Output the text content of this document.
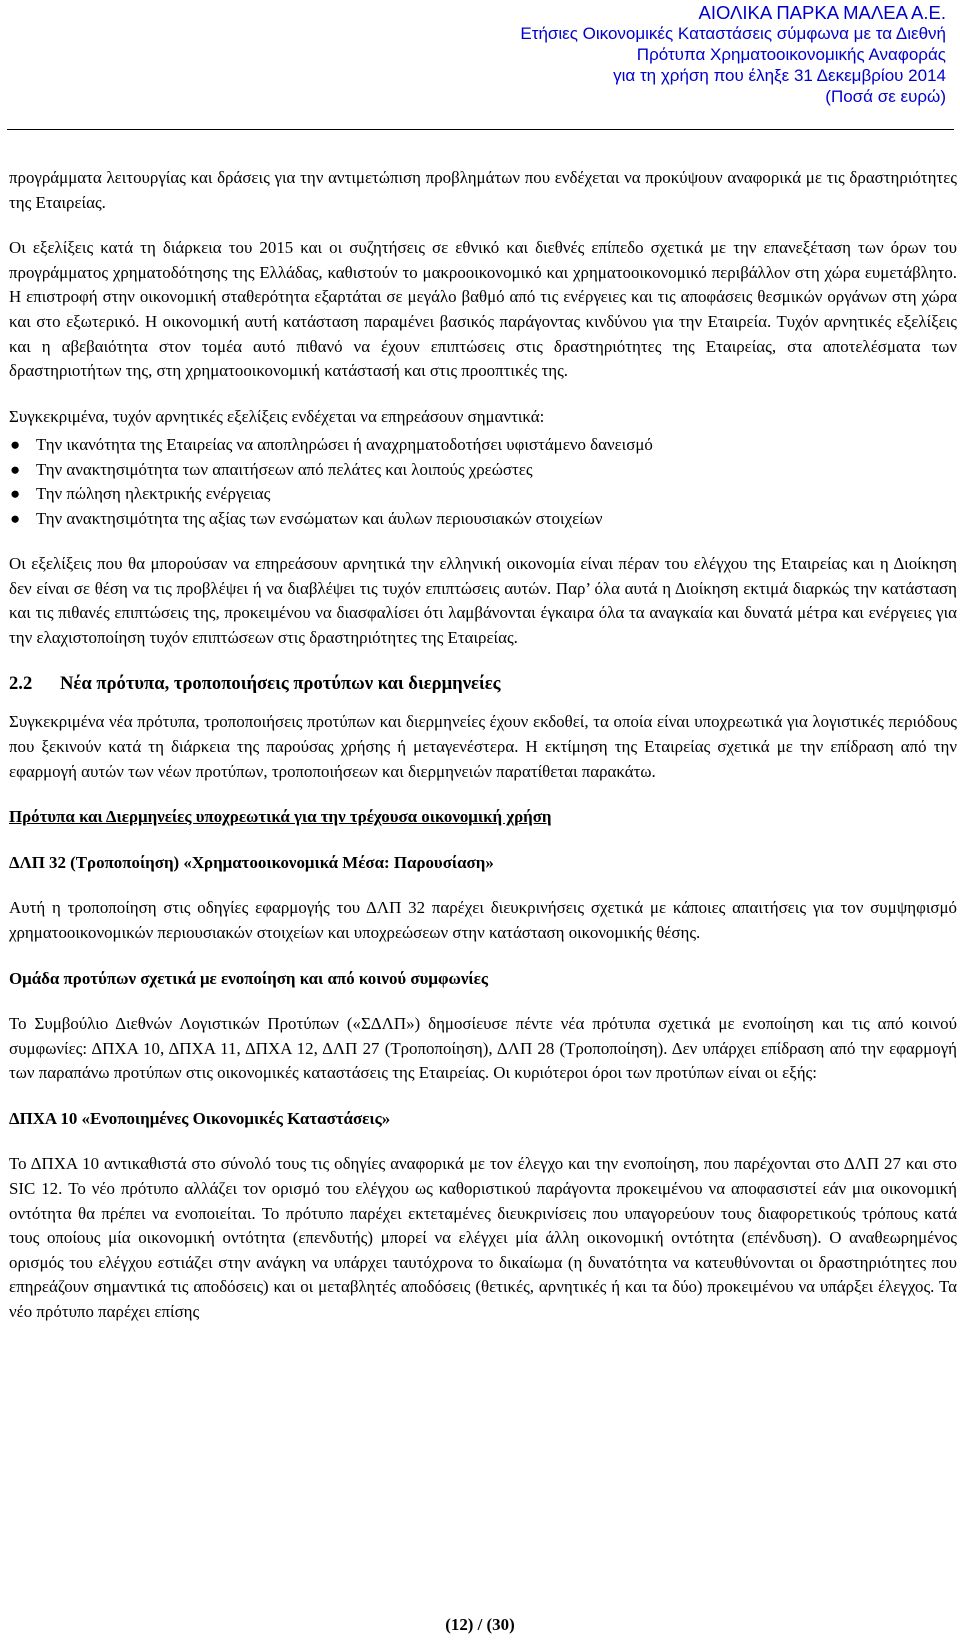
ΑΙΟΛΙΚΑ ΠΑΡΚΑ ΜΑΛΕΑ Α.Ε.
Ετήσιες Οικονομικές Καταστάσεις σύμφωνα με τα Διεθνή
Πρότυπα Χρηματοοικονομικής Αναφοράς
για τη χρήση που έληξε 31 Δεκεμβρίου 2014
(Ποσά σε ευρώ)

προγράμματα λειτουργίας και δράσεις για την αντιμετώπιση προβλημάτων που ενδέχεται να προκύψουν αναφορικά με τις δραστηριότητες της Εταιρείας.

Οι εξελίξεις κατά τη διάρκεια του 2015 και οι συζητήσεις σε εθνικό και διεθνές επίπεδο σχετικά με την επανεξέταση των όρων του προγράμματος χρηματοδότησης της Ελλάδας, καθιστούν το μακροοικονομικό και χρηματοοικονομικό περιβάλλον στη χώρα ευμετάβλητο. Η επιστροφή στην οικονομική σταθερότητα εξαρτάται σε μεγάλο βαθμό από τις ενέργειες και τις αποφάσεις θεσμικών οργάνων στη χώρα και στο εξωτερικό. Η οικονομική αυτή κατάσταση παραμένει βασικός παράγοντας κινδύνου για την Εταιρεία. Τυχόν αρνητικές εξελίξεις και η αβεβαιότητα στον τομέα αυτό πιθανό να έχουν επιπτώσεις στις δραστηριότητες της Εταιρείας, στα αποτελέσματα των δραστηριοτήτων της, στη χρηματοοικονομική κατάστασή και στις προοπτικές της.

Συγκεκριμένα, τυχόν αρνητικές εξελίξεις ενδέχεται να επηρεάσουν σημαντικά:

● Την ικανότητα της Εταιρείας να αποπληρώσει ή αναχρηματοδοτήσει υφιστάμενο δανεισμό
● Την ανακτησιμότητα των απαιτήσεων από πελάτες και λοιπούς χρεώστες
● Την πώληση ηλεκτρικής ενέργειας
● Την ανακτησιμότητα της αξίας των ενσώματων και άυλων περιουσιακών στοιχείων

Οι εξελίξεις που θα μπορούσαν να επηρεάσουν αρνητικά την ελληνική οικονομία είναι πέραν του ελέγχου της Εταιρείας και η Διοίκηση δεν είναι σε θέση να τις προβλέψει ή να διαβλέψει τις τυχόν επιπτώσεις αυτών. Παρ’ όλα αυτά η Διοίκηση εκτιμά διαρκώς την κατάσταση και τις πιθανές επιπτώσεις της, προκειμένου να διασφαλίσει ότι λαμβάνονται έγκαιρα όλα τα αναγκαία και δυνατά μέτρα και ενέργειες για την ελαχιστοποίηση τυχόν επιπτώσεων στις δραστηριότητες της Εταιρείας.

2.2 Νέα πρότυπα, τροποποιήσεις προτύπων και διερμηνείες

Συγκεκριμένα νέα πρότυπα, τροποποιήσεις προτύπων και διερμηνείες έχουν εκδοθεί, τα οποία είναι υποχρεωτικά για λογιστικές περιόδους που ξεκινούν κατά τη διάρκεια της παρούσας χρήσης ή μεταγενέστερα. Η εκτίμηση της Εταιρείας σχετικά με την επίδραση από την εφαρμογή αυτών των νέων προτύπων, τροποποιήσεων και διερμηνειών παρατίθεται παρακάτω.

Πρότυπα και Διερμηνείες υποχρεωτικά για την τρέχουσα οικονομική χρήση
ΔΛΠ 32 (Τροποποίηση) «Χρηματοοικονομικά Μέσα: Παρουσίαση»

Αυτή η τροποποίηση στις οδηγίες εφαρμογής του ΔΛΠ 32 παρέχει διευκρινήσεις σχετικά με κάποιες απαιτήσεις για τον συμψηφισμό χρηματοοικονομικών περιουσιακών στοιχείων και υποχρεώσεων στην κατάσταση οικονομικής θέσης.

Ομάδα προτύπων σχετικά με ενοποίηση και από κοινού συμφωνίες

Το Συμβούλιο Διεθνών Λογιστικών Προτύπων («ΣΔΛΠ») δημοσίευσε πέντε νέα πρότυπα σχετικά με ενοποίηση και τις από κοινού συμφωνίες: ΔΠΧΑ 10, ΔΠΧΑ 11, ΔΠΧΑ 12, ΔΛΠ 27 (Τροποποίηση), ΔΛΠ 28 (Τροποποίηση). Δεν υπάρχει επίδραση από την εφαρμογή των παραπάνω προτύπων στις οικονομικές καταστάσεις της Εταιρείας. Οι κυριότεροι όροι των προτύπων είναι οι εξής:

ΔΠΧΑ 10 «Ενοποιημένες Οικονομικές Καταστάσεις»

Το ΔΠΧΑ 10 αντικαθιστά στο σύνολό τους τις οδηγίες αναφορικά με τον έλεγχο και την ενοποίηση, που παρέχονται στο ΔΛΠ 27 και στο SIC 12. Το νέο πρότυπο αλλάζει τον ορισμό του ελέγχου ως καθοριστικού παράγοντα προκειμένου να αποφασιστεί εάν μια οικονομική οντότητα θα πρέπει να ενοποιείται. Το πρότυπο παρέχει εκτεταμένες διευκρινίσεις που υπαγορεύουν τους διαφορετικούς τρόπους κατά τους οποίους μία οικονομική οντότητα (επενδυτής) μπορεί να ελέγχει μία άλλη οικονομική οντότητα (επένδυση). Ο αναθεωρημένος ορισμός του ελέγχου εστιάζει στην ανάγκη να υπάρχει ταυτόχρονα το δικαίωμα (η δυνατότητα να κατευθύνονται οι δραστηριότητες που επηρεάζουν σημαντικά τις αποδόσεις) και οι μεταβλητές αποδόσεις (θετικές, αρνητικές ή και τα δύο) προκειμένου να υπάρξει έλεγχος. Τα νέο πρότυπο παρέχει επίσης

(12) / (30)
